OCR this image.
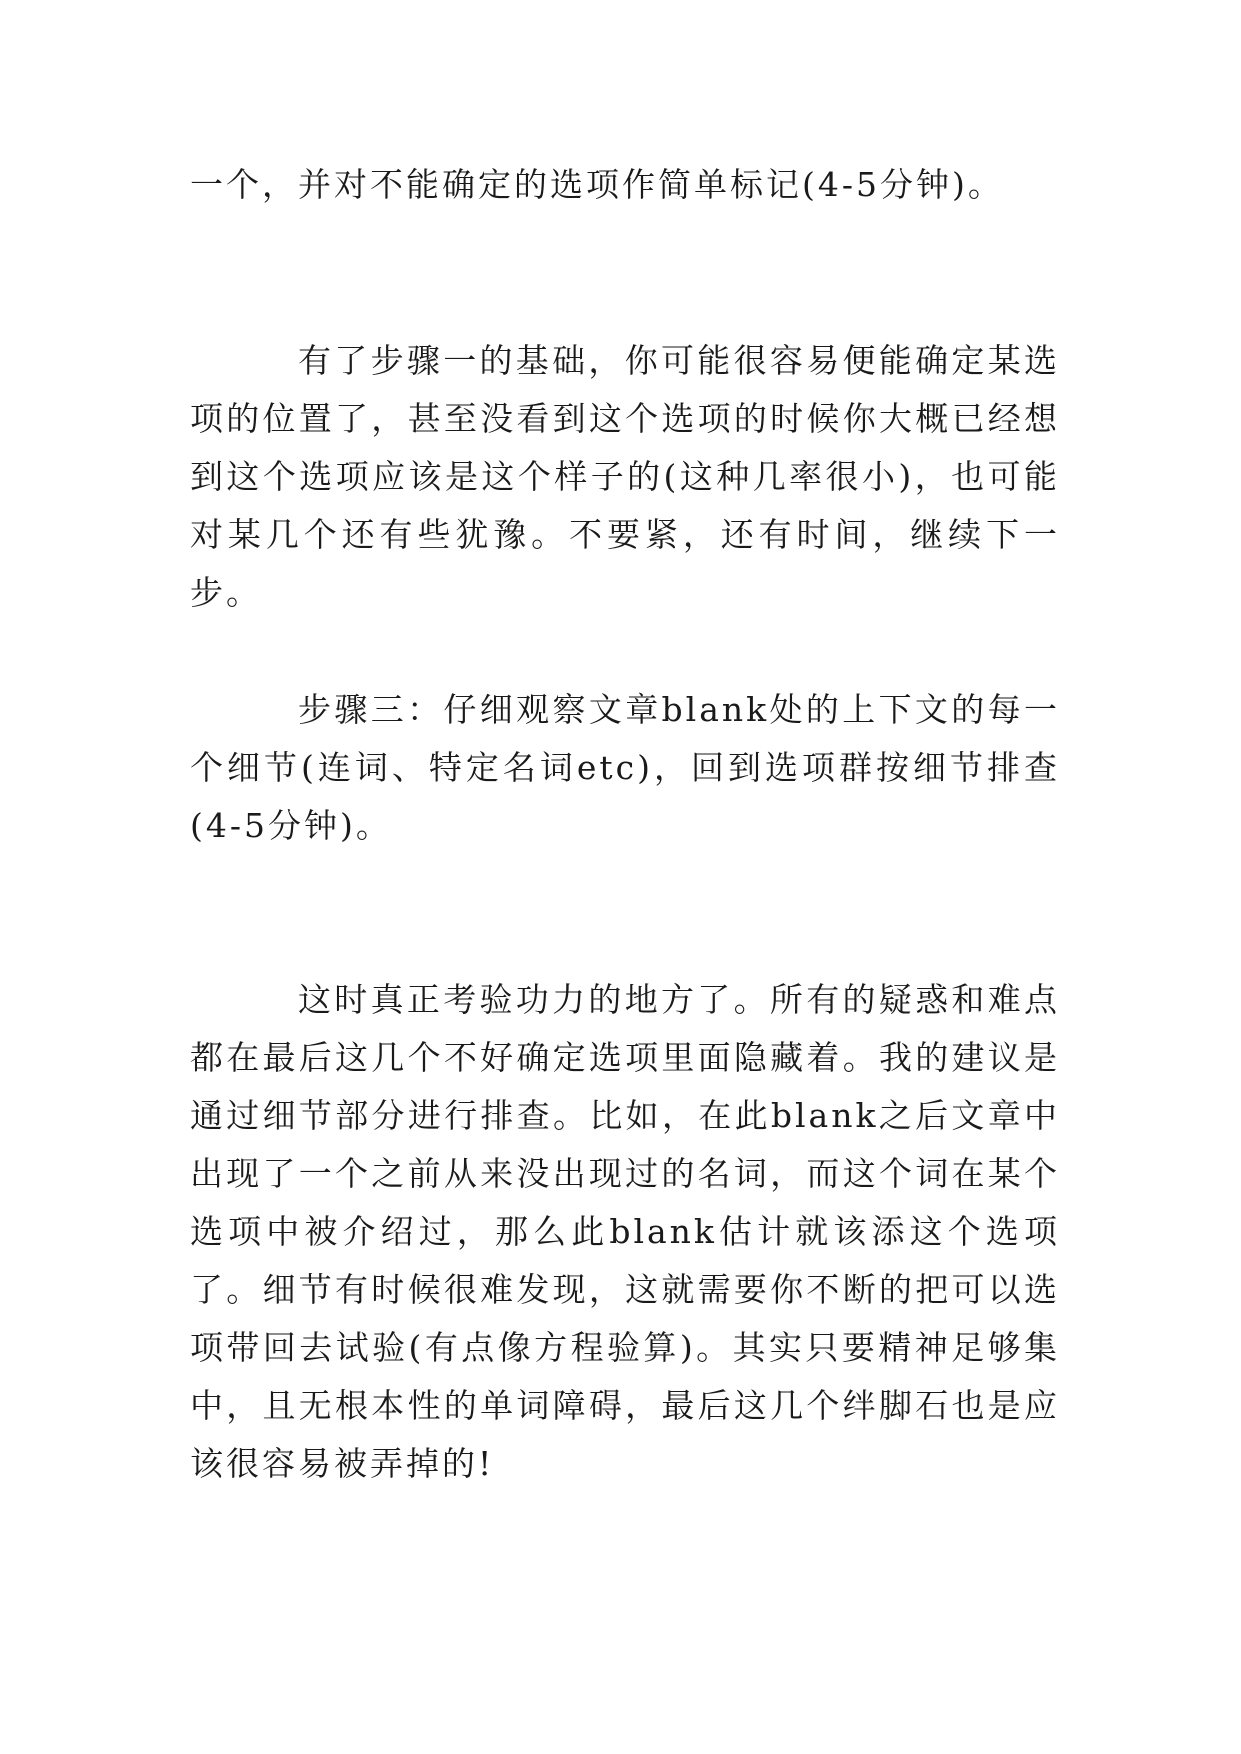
一个，并对不能确定的选项作简单标记(4-5分钟)。

有了步骤一的基础，你可能很容易便能确定某选项的位置了，甚至没看到这个选项的时候你大概已经想到这个选项应该是这个样子的(这种几率很小)，也可能对某几个还有些犹豫。不要紧，还有时间，继续下一步。

步骤三：仔细观察文章blank处的上下文的每一个细节(连词、特定名词etc)，回到选项群按细节排查(4-5分钟)。

这时真正考验功力的地方了。所有的疑惑和难点都在最后这几个不好确定选项里面隐藏着。我的建议是通过细节部分进行排查。比如，在此blank之后文章中出现了一个之前从来没出现过的名词，而这个词在某个选项中被介绍过，那么此blank估计就该添这个选项了。细节有时候很难发现，这就需要你不断的把可以选项带回去试验(有点像方程验算)。其实只要精神足够集中，且无根本性的单词障碍，最后这几个绊脚石也是应该很容易被弄掉的!
